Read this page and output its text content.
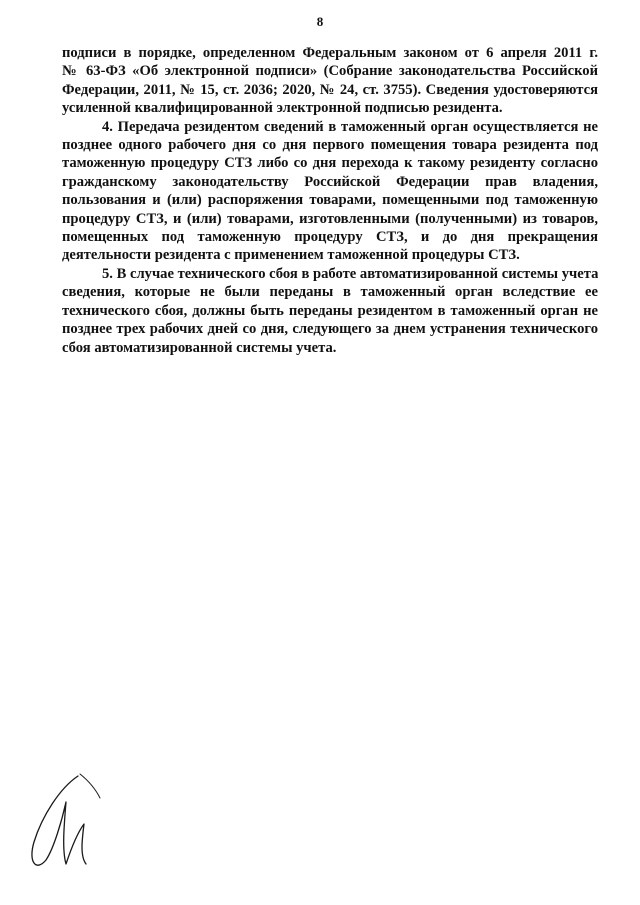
8

подписи в порядке, определенном Федеральным законом от 6 апреля 2011 г.
№ 63-ФЗ «Об электронной подписи» (Собрание законодательства Российской
Федерации, 2011, № 15, ст. 2036; 2020, № 24, ст. 3755). Сведения удостоверяются
усиленной квалифицированной электронной подписью резидента.

4. Передача резидентом сведений в таможенный орган осуществляется не
позднее одного рабочего дня со дня первого помещения товара резидента под
таможенную процедуру СТЗ либо со дня перехода к такому резиденту согласно
гражданскому законодательству Российской Федерации прав владения,
пользования и (или) распоряжения товарами, помещенными под таможенную
процедуру СТЗ, и (или) товарами, изготовленными (полученными) из товаров,
помещенных под таможенную процедуру СТЗ, и до дня прекращения
деятельности резидента с применением таможенной процедуры СТЗ.

5. В случае технического сбоя в работе автоматизированной системы учета
сведения, которые не были переданы в таможенный орган вследствие ее
технического сбоя, должны быть переданы резидентом в таможенный орган не
позднее трех рабочих дней со дня, следующего за днем устранения технического
сбоя автоматизированной системы учета.
